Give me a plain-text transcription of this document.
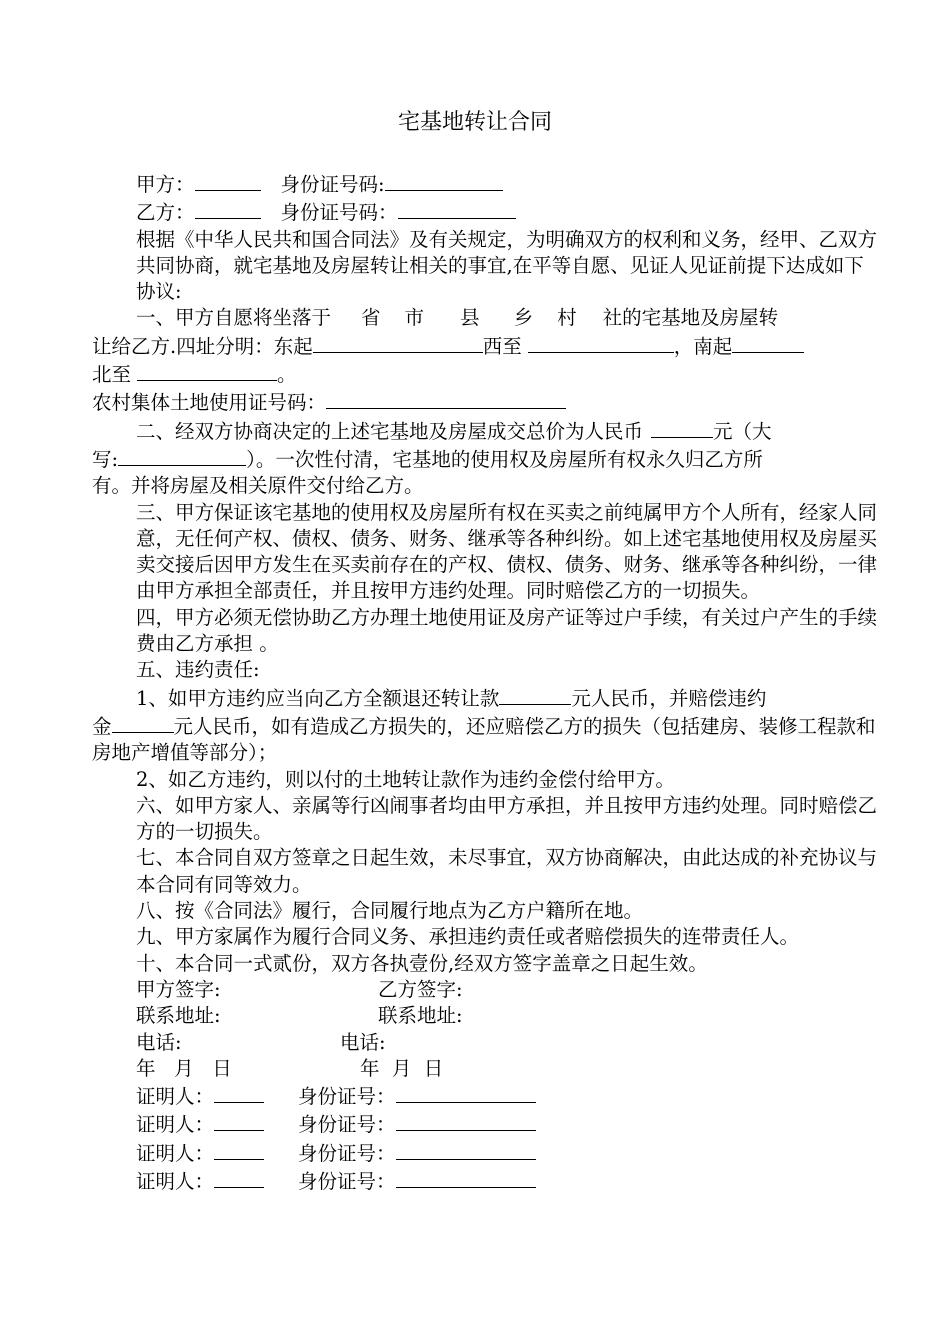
宅基地转让合同

甲方：	身份证号码:

乙方：	身份证号码：

根据《中华人民共和国合同法》及有关规定，为明确双方的权利和义务，经甲、乙双方共同协商，就宅基地及房屋转让相关的事宜,在平等自愿、见证人见证前提下达成如下协议:

一、甲方自愿将坐落于 省 市 县 乡 村 社的宅基地及房屋转

让给乙方.四址分明：东起	西至	，南起

北至	。

农村集体土地使用证号码：

二、经双方协商决定的上述宅基地及房屋成交总价为人民币	元（大

写:	）。一次性付清，宅基地的使用权及房屋所有权永久归乙方所

有。并将房屋及相关原件交付给乙方。

三、甲方保证该宅基地的使用权及房屋所有权在买卖之前纯属甲方个人所有，经家人同意，无任何产权、债权、债务、财务、继承等各种纠纷。如上述宅基地使用权及房屋买卖交接后因甲方发生在买卖前存在的产权、债权、债务、财务、继承等各种纠纷，一律由甲方承担全部责任，并且按甲方违约处理。同时赔偿乙方的一切损失。

四，甲方必须无偿协助乙方办理土地使用证及房产证等过户手续，有关过户产生的手续费由乙方承担 。

五、违约责任:

1、如甲方违约应当向乙方全额退还转让款	元人民币，并赔偿违约

金	元人民币，如有造成乙方损失的，还应赔偿乙方的损失（包括建房、装修工程款和房地产增值等部分）；

2、如乙方违约，则以付的土地转让款作为违约金偿付给甲方。

六、如甲方家人、亲属等行凶闹事者均由甲方承担，并且按甲方违约处理。同时赔偿乙方的一切损失。

七、本合同自双方签章之日起生效，未尽事宜，双方协商解决，由此达成的补充协议与本合同有同等效力。

八、按《合同法》履行，合同履行地点为乙方户籍所在地。

九、甲方家属作为履行合同义务、承担违约责任或者赔偿损失的连带责任人。

十、本合同一式贰份，双方各执壹份,经双方签字盖章之日起生效。

甲方签字:	乙方签字:

联系地址:	联系地址:

电话:	电话:

年   月   日	年  月  日

证明人：	身份证号：

证明人：	身份证号：

证明人：	身份证号：

证明人：	身份证号：
